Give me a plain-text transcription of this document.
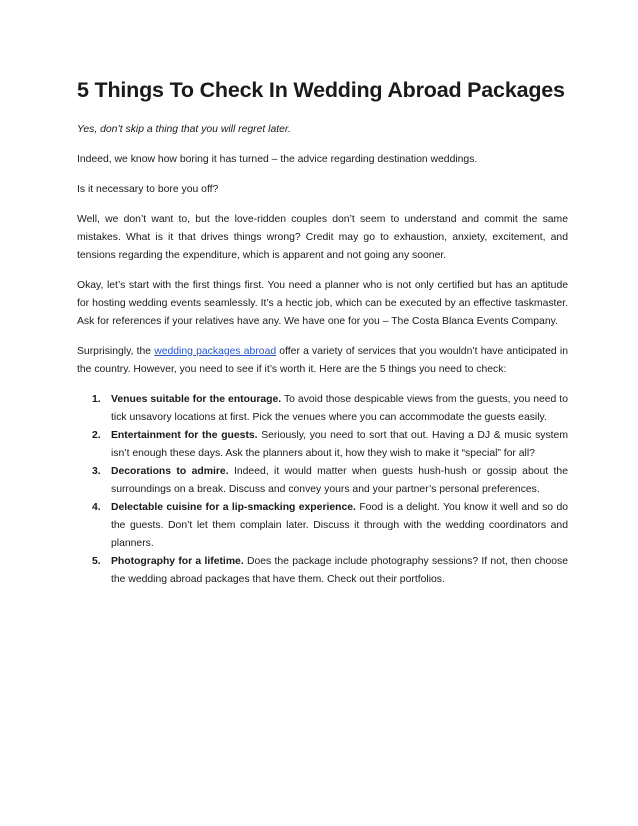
5 Things To Check In Wedding Abroad Packages

Yes, don’t skip a thing that you will regret later.

Indeed, we know how boring it has turned – the advice regarding destination weddings.

Is it necessary to bore you off?

Well, we don’t want to, but the love-ridden couples don’t seem to understand and commit the same mistakes. What is it that drives things wrong? Credit may go to exhaustion, anxiety, excitement, and tensions regarding the expenditure, which is apparent and not going any sooner.

Okay, let’s start with the first things first. You need a planner who is not only certified but has an aptitude for hosting wedding events seamlessly. It’s a hectic job, which can be executed by an effective taskmaster. Ask for references if your relatives have any. We have one for you – The Costa Blanca Events Company.

Surprisingly, the wedding packages abroad offer a variety of services that you wouldn’t have anticipated in the country. However, you need to see if it’s worth it. Here are the 5 things you need to check:

1. Venues suitable for the entourage. To avoid those despicable views from the guests, you need to tick unsavory locations at first. Pick the venues where you can accommodate the guests easily.
2. Entertainment for the guests. Seriously, you need to sort that out. Having a DJ & music system isn’t enough these days. Ask the planners about it, how they wish to make it “special” for all?
3. Decorations to admire. Indeed, it would matter when guests hush-hush or gossip about the surroundings on a break. Discuss and convey yours and your partner’s personal preferences.
4. Delectable cuisine for a lip-smacking experience. Food is a delight. You know it well and so do the guests. Don’t let them complain later. Discuss it through with the wedding coordinators and planners.
5. Photography for a lifetime. Does the package include photography sessions? If not, then choose the wedding abroad packages that have them. Check out their portfolios.
